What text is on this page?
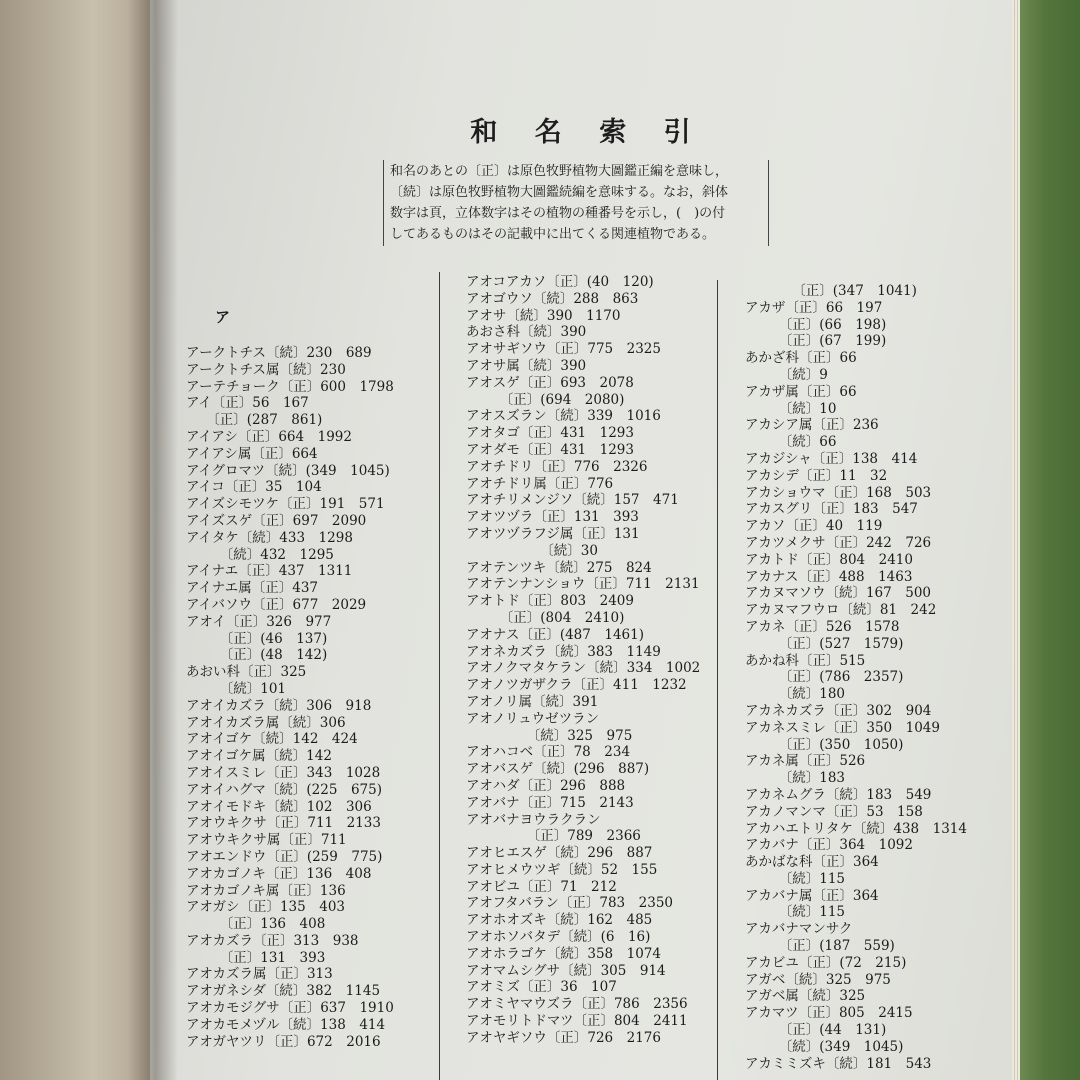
和 名 索 引
和名のあとの〔正〕は原色牧野植物大圖鑑正編を意味し，
〔続〕は原色牧野植物大圖鑑続編を意味する。なお，斜体
数字は頁，立体数字はその植物の種番号を示し，(　)の付
してあるものはその記載中に出てくる関連植物である。
ア
アークトチス〔続〕230　689
アークトチス属〔続〕230
アーテチョーク〔正〕600　1798
アイ〔正〕56　167
　　〔正〕(287　861)
アイアシ〔正〕664　1992
アイアシ属〔正〕664
アイグロマツ〔続〕(349　1045)
アイコ〔正〕35　104
アイズシモツケ〔正〕191　571
アイズスゲ〔正〕697　2090
アイタケ〔続〕433　1298
　　　〔続〕432　1295
アイナエ〔正〕437　1311
アイナエ属〔正〕437
アイバソウ〔正〕677　2029
アオイ〔正〕326　977
　　　〔正〕(46　137)
　　　〔正〕(48　142)
あおい科〔正〕325
　　　〔続〕101
アオイカズラ〔続〕306　918
アオイカズラ属〔続〕306
アオイゴケ〔続〕142　424
アオイゴケ属〔続〕142
アオイスミレ〔正〕343　1028
アオイハグマ〔続〕(225　675)
アオイモドキ〔続〕102　306
アオウキクサ〔正〕711　2133
アオウキクサ属〔正〕711
アオエンドウ〔正〕(259　775)
アオカゴノキ〔正〕136　408
アオカゴノキ属〔正〕136
アオガシ〔正〕135　403
　　　〔正〕136　408
アオカズラ〔正〕313　938
　　　〔正〕131　393
アオカズラ属〔正〕313
アオガネシダ〔続〕382　1145
アオカモジグサ〔正〕637　1910
アオカモメヅル〔続〕138　414
アオガヤツリ〔正〕672　2016
アオコアカソ〔正〕(40　120)
アオゴウソ〔続〕288　863
アオサ〔続〕390　1170
あおさ科〔続〕390
アオサギソウ〔正〕775　2325
アオサ属〔続〕390
アオスゲ〔正〕693　2078
　　　〔正〕(694　2080)
アオスズラン〔続〕339　1016
アオタゴ〔正〕431　1293
アオダモ〔正〕431　1293
アオチドリ〔正〕776　2326
アオチドリ属〔正〕776
アオチリメンジソ〔続〕157　471
アオツヅラ〔正〕131　393
アオツヅラフジ属〔正〕131
　　　　　　〔続〕30
アオテンツキ〔続〕275　824
アオテンナンショウ〔正〕711　2131
アオトド〔正〕803　2409
　　　〔正〕(804　2410)
アオナス〔正〕(487　1461)
アオネカズラ〔続〕383　1149
アオノクマタケラン〔続〕334　1002
アオノツガザクラ〔正〕411　1232
アオノリ属〔続〕391
アオノリュウゼツラン
　　　　　〔続〕325　975
アオハコベ〔正〕78　234
アオバスゲ〔続〕(296　887)
アオハダ〔正〕296　888
アオバナ〔正〕715　2143
アオバナヨウラクラン
　　　　　〔正〕789　2366
アオヒエスゲ〔続〕296　887
アオヒメウツギ〔続〕52　155
アオビユ〔正〕71　212
アオフタバラン〔正〕783　2350
アオホオズキ〔続〕162　485
アオホソバタデ〔続〕(6　16)
アオホラゴケ〔続〕358　1074
アオマムシグサ〔続〕305　914
アオミズ〔正〕36　107
アオミヤマウズラ〔正〕786　2356
アオモリトドマツ〔正〕804　2411
アオヤギソウ〔正〕726　2176
　　　　〔正〕(347　1041)
アカザ〔正〕66　197
　　　〔正〕(66　198)
　　　〔正〕(67　199)
あかざ科〔正〕66
　　　〔続〕9
アカザ属〔正〕66
　　　〔続〕10
アカシア属〔正〕236
　　　〔続〕66
アカジシャ〔正〕138　414
アカシデ〔正〕11　32
アカショウマ〔正〕168　503
アカスグリ〔正〕183　547
アカソ〔正〕40　119
アカツメクサ〔正〕242　726
アカトド〔正〕804　2410
アカナス〔正〕488　1463
アカヌマソウ〔続〕167　500
アカヌマフウロ〔続〕81　242
アカネ〔正〕526　1578
　　　〔正〕(527　1579)
あかね科〔正〕515
　　　〔正〕(786　2357)
　　　〔続〕180
アカネカズラ〔正〕302　904
アカネスミレ〔正〕350　1049
　　　〔正〕(350　1050)
アカネ属〔正〕526
　　　〔続〕183
アカネムグラ〔続〕183　549
アカノマンマ〔正〕53　158
アカハエトリタケ〔続〕438　1314
アカバナ〔正〕364　1092
あかばな科〔正〕364
　　　〔続〕115
アカバナ属〔正〕364
　　　〔続〕115
アカバナマンサク
　　　〔正〕(187　559)
アカビユ〔正〕(72　215)
アガベ〔続〕325　975
アガベ属〔続〕325
アカマツ〔正〕805　2415
　　　〔正〕(44　131)
　　　〔続〕(349　1045)
アカミミズキ〔続〕181　543
